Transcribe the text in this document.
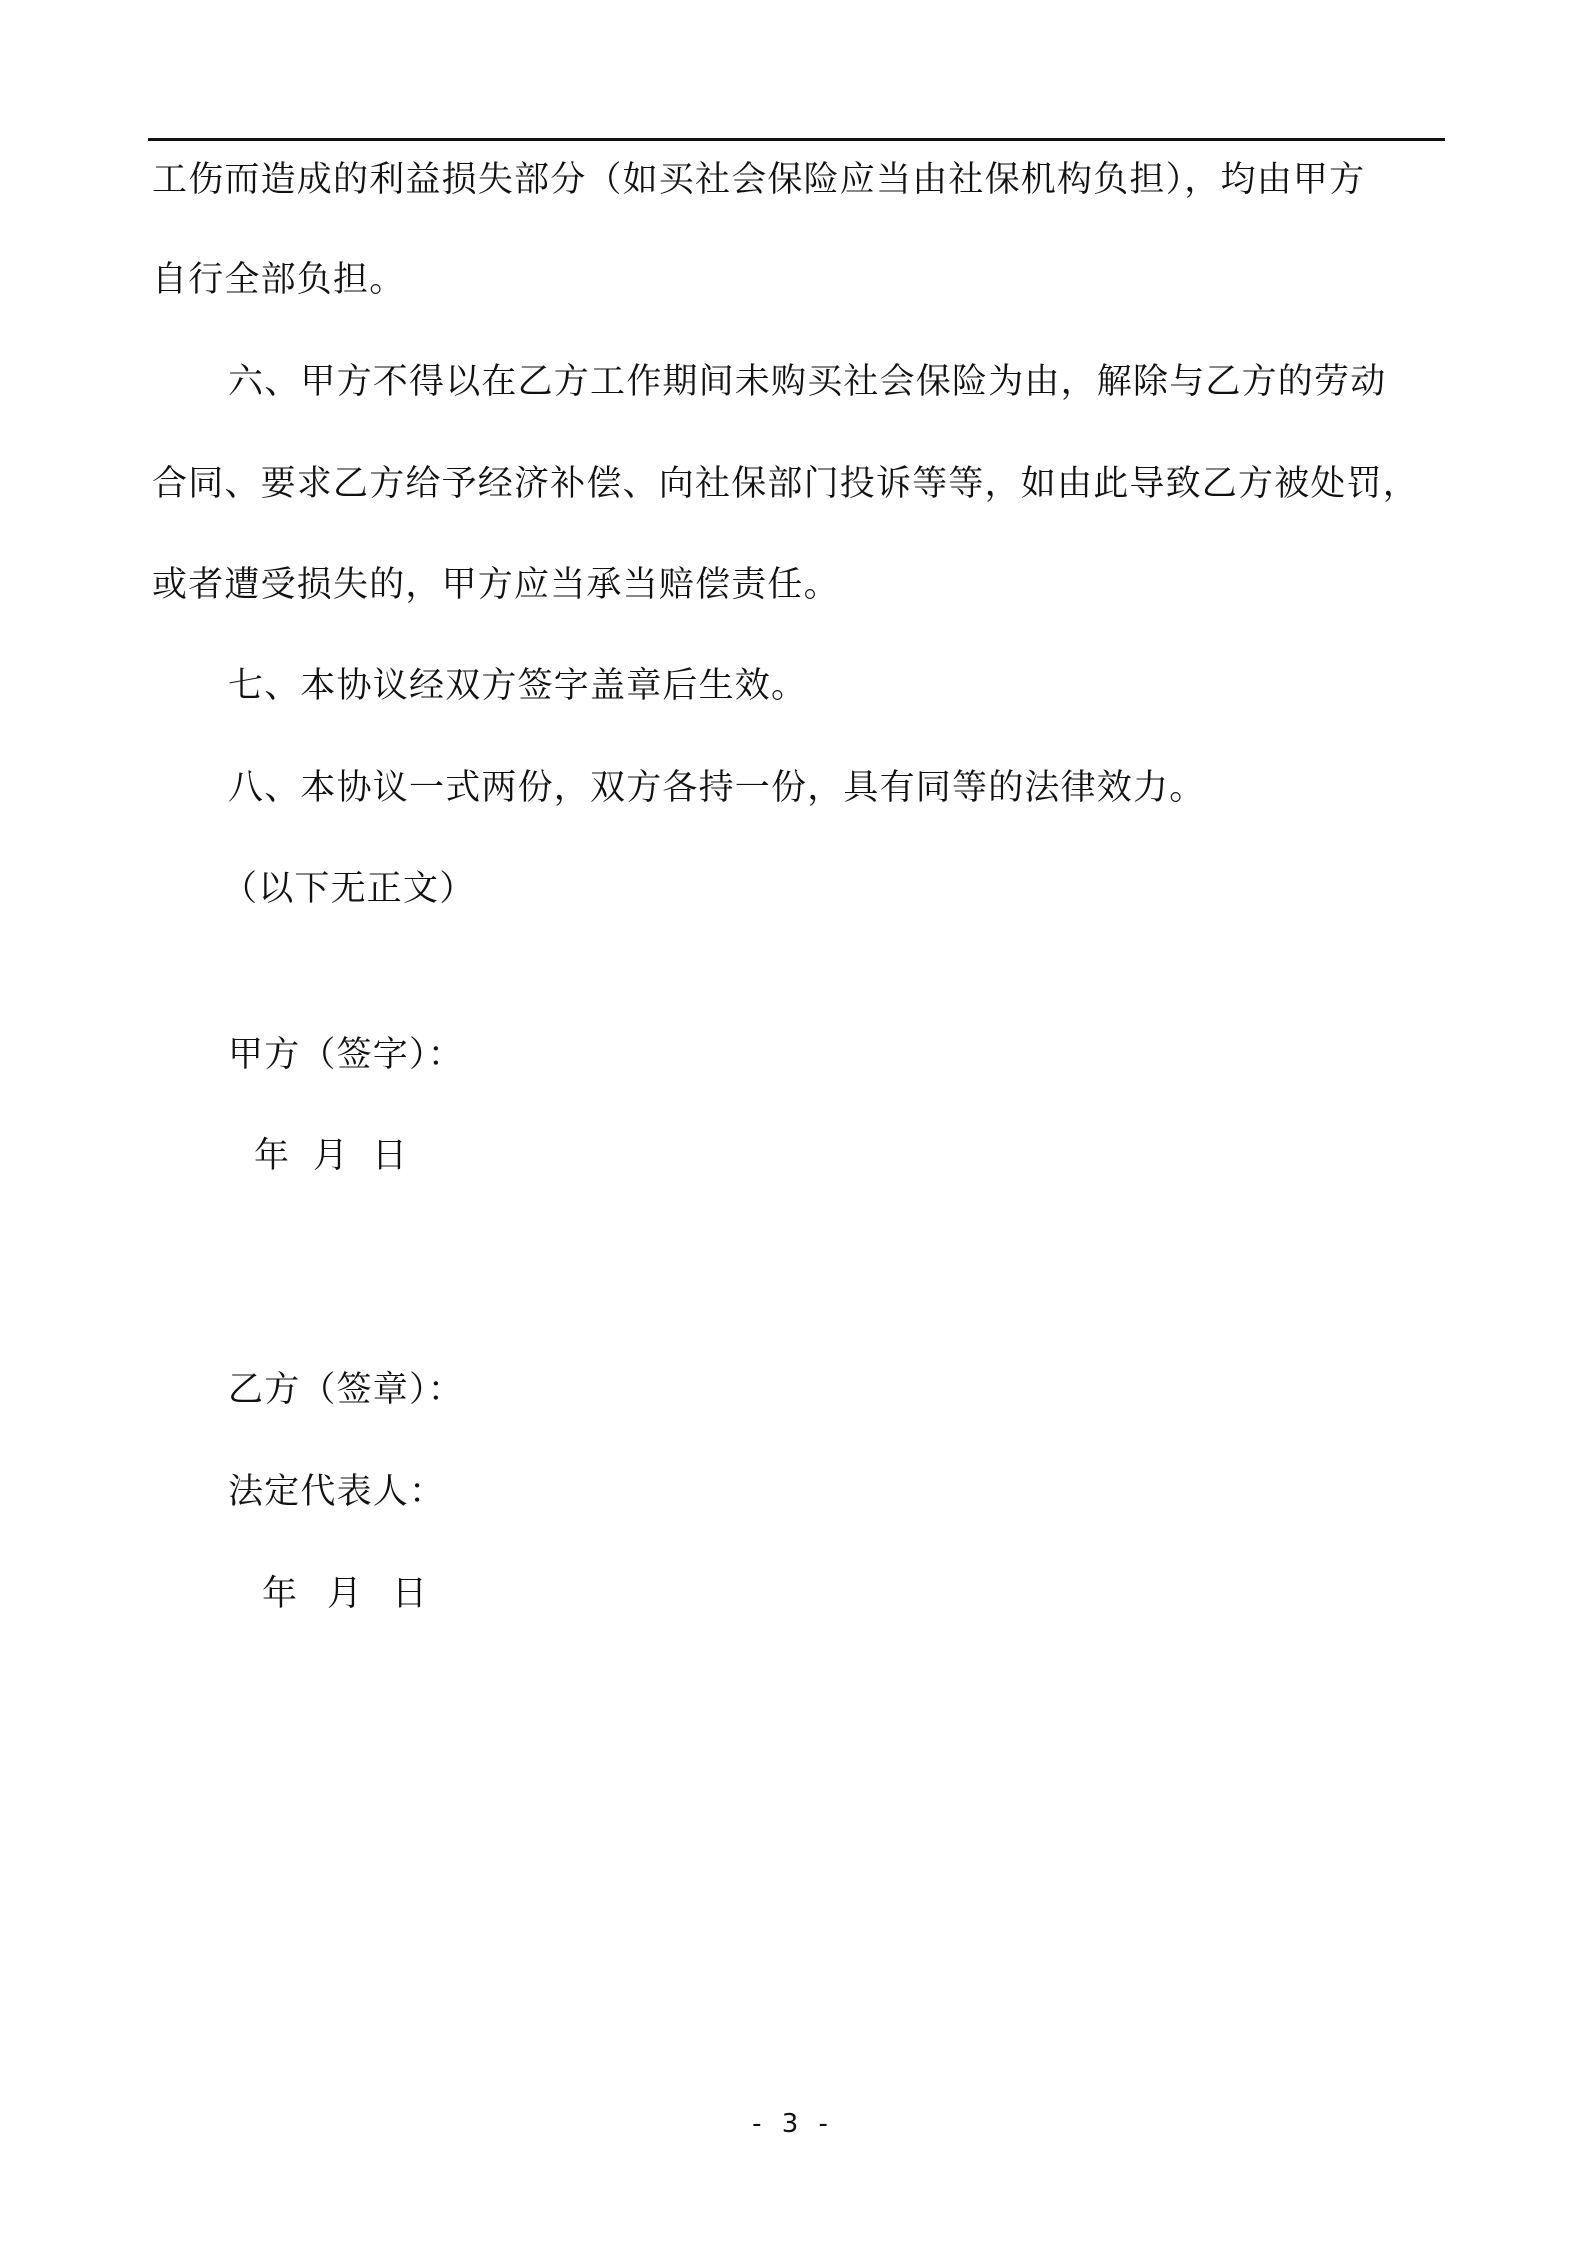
工伤而造成的利益损失部分（如买社会保险应当由社保机构负担），均由甲方
自行全部负担。
六、甲方不得以在乙方工作期间未购买社会保险为由，解除与乙方的劳动
合同、要求乙方给予经济补偿、向社保部门投诉等等，如由此导致乙方被处罚，
或者遭受损失的，甲方应当承当赔偿责任。
七、本协议经双方签字盖章后生效。
八、本协议一式两份，双方各持一份，具有同等的法律效力。
（以下无正文）
甲方（签字）：
年 月 日
乙方（签章）：
法定代表人：
年 月 日
- 3 -
